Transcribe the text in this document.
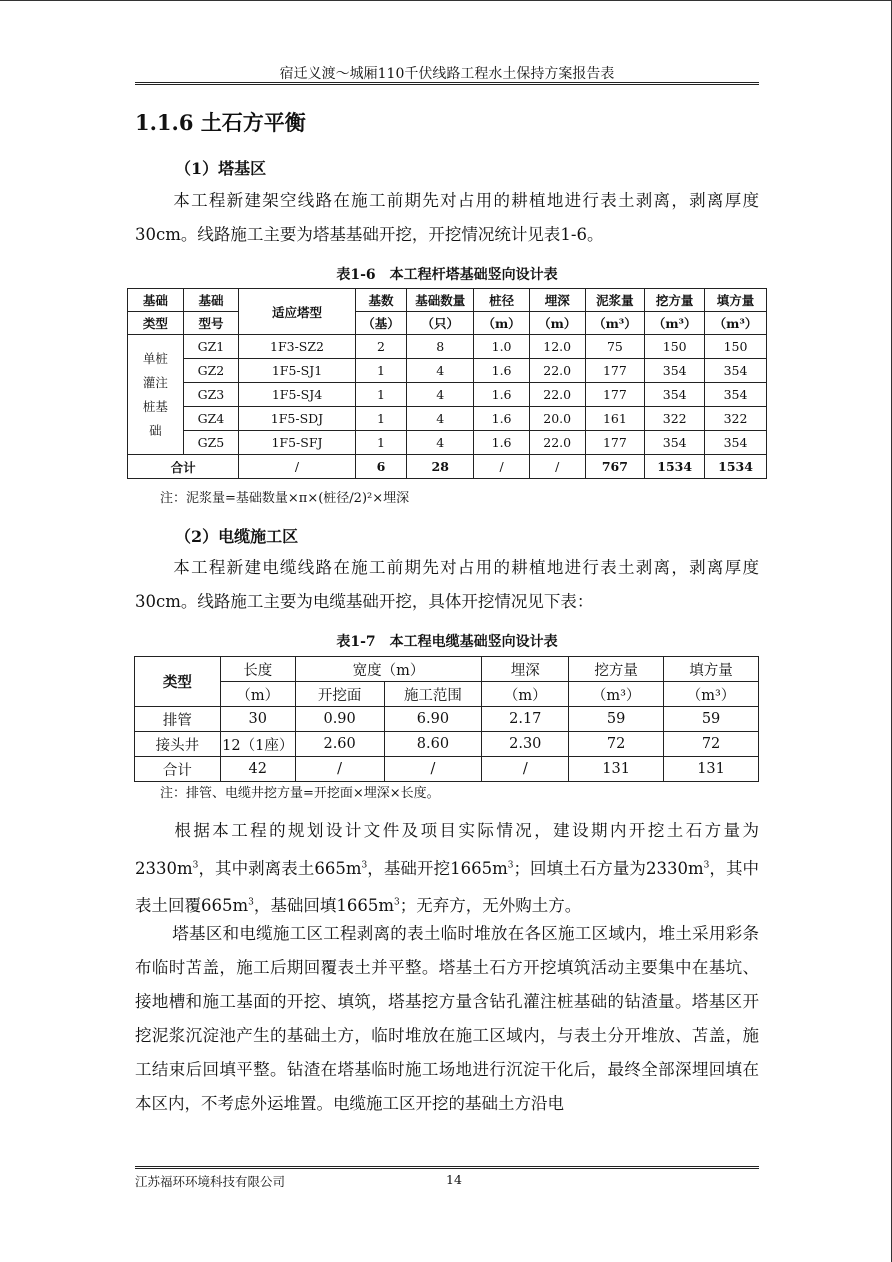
宿迁义渡～城厢110千伏线路工程水土保持方案报告表
1.1.6 土石方平衡
（1）塔基区
本工程新建架空线路在施工前期先对占用的耕植地进行表土剥离，剥离厚度30cm。线路施工主要为塔基基础开挖，开挖情况统计见表1-6。
表1-6　本工程杆塔基础竖向设计表
基础	基础	适应塔型	基数	基础数量	桩径	埋深	泥浆量	挖方量	填方量
类型	型号		（基）	（只）	（m）	（m）	（m³）	（m³）	（m³）

单桩
灌注
桩基
础	GZ1	1F3-SZ2	2	8	1.0	12.0	75	150	150
	GZ2	1F5-SJ1	1	4	1.6	22.0	177	354	354
	GZ3	1F5-SJ4	1	4	1.6	22.0	177	354	354
	GZ4	1F5-SDJ	1	4	1.6	20.0	161	322	322
	GZ5	1F5-SFJ	1	4	1.6	22.0	177	354	354
合计		/	6	28	/	/	767	1534	1534
注：泥浆量=基础数量×π×(桩径/2)²×埋深
（2）电缆施工区
本工程新建电缆线路在施工前期先对占用的耕植地进行表土剥离，剥离厚度30cm。线路施工主要为电缆基础开挖，具体开挖情况见下表：
表1-7　本工程电缆基础竖向设计表
类型	长度	宽度（m）		埋深	挖方量	填方量
	（m）	开挖面	施工范围	（m）	（m³）	（m³）
排管	30	0.90	6.90	2.17	59	59
接头井	12（1座）	2.60	8.60	2.30	72	72
合计	42	/	/	/	131	131
注：排管、电缆井挖方量=开挖面×埋深×长度。
根据本工程的规划设计文件及项目实际情况，建设期内开挖土石方量为$2330m^3$，其中剥离表土$665m^3$，基础开挖$1665m^3$；回填土石方量为$2330m^3$，其中表土回覆$665m^3$，基础回填$1665m^3$；无弃方，无外购土方。
塔基区和电缆施工区工程剥离的表土临时堆放在各区施工区域内，堆土采用彩条布临时苫盖，施工后期回覆表土并平整。塔基土石方开挖填筑活动主要集中在基坑、接地槽和施工基面的开挖、填筑，塔基挖方量含钻孔灌注桩基础的钻渣量。塔基区开挖泥浆沉淀池产生的基础土方，临时堆放在施工区域内，与表土分开堆放、苫盖，施工结束后回填平整。钻渣在塔基临时施工场地进行沉淀干化后，最终全部深埋回填在本区内，不考虑外运堆置。电缆施工区开挖的基础土方沿电
江苏福环环境科技有限公司	14
